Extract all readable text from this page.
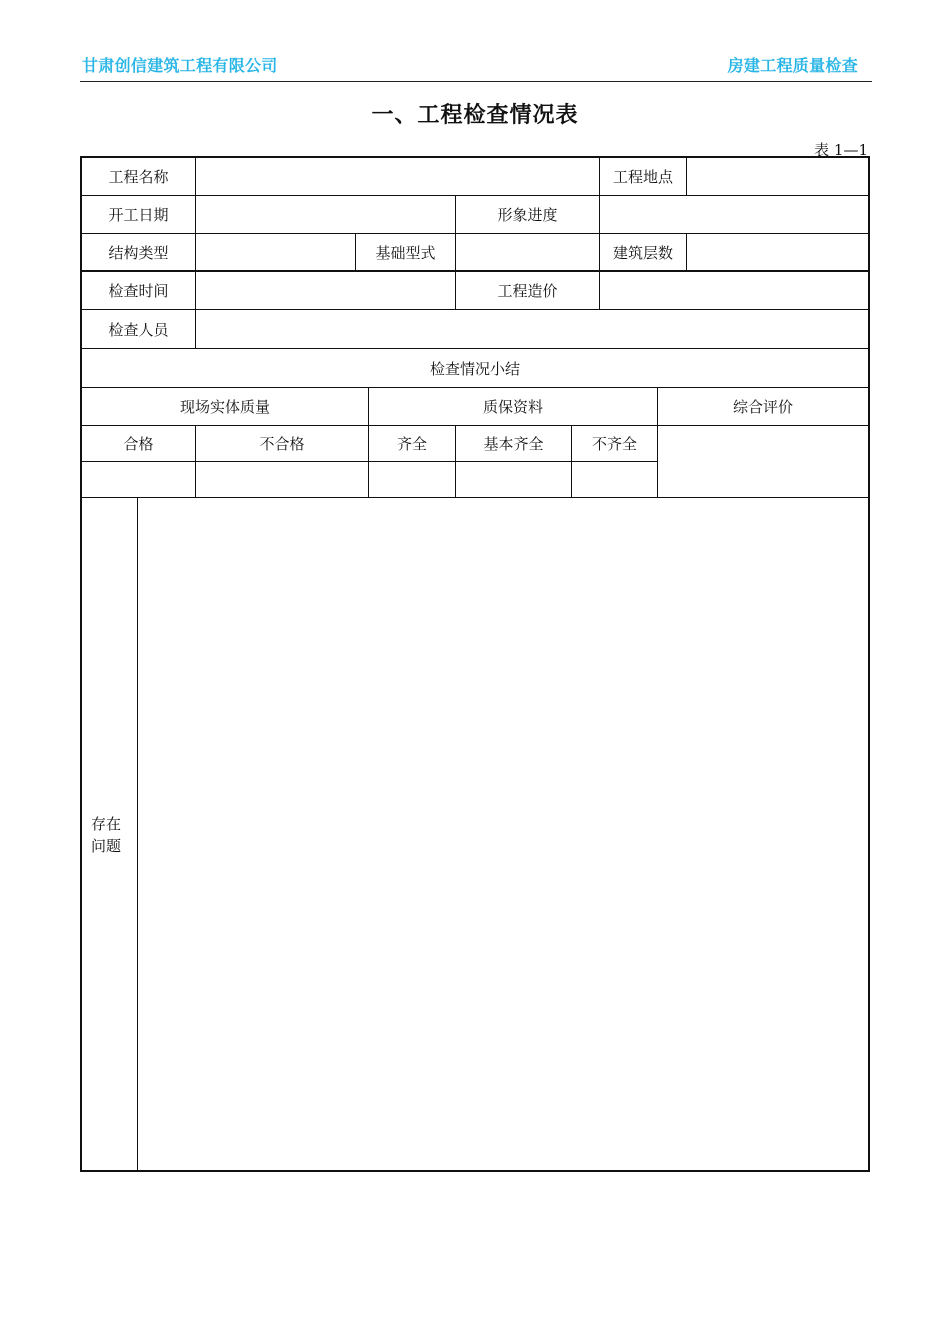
甘肃创信建筑工程有限公司	房建工程质量检查
一、工程检查情况表
表 1—1
工程名称	工程地点
开工日期	形象进度
结构类型	基础型式	建筑层数
检查时间	工程造价
检查人员
检查情况小结
现场实体质量	质保资料	综合评价
合格	不合格	齐全	基本齐全	不齐全
存在
问题
